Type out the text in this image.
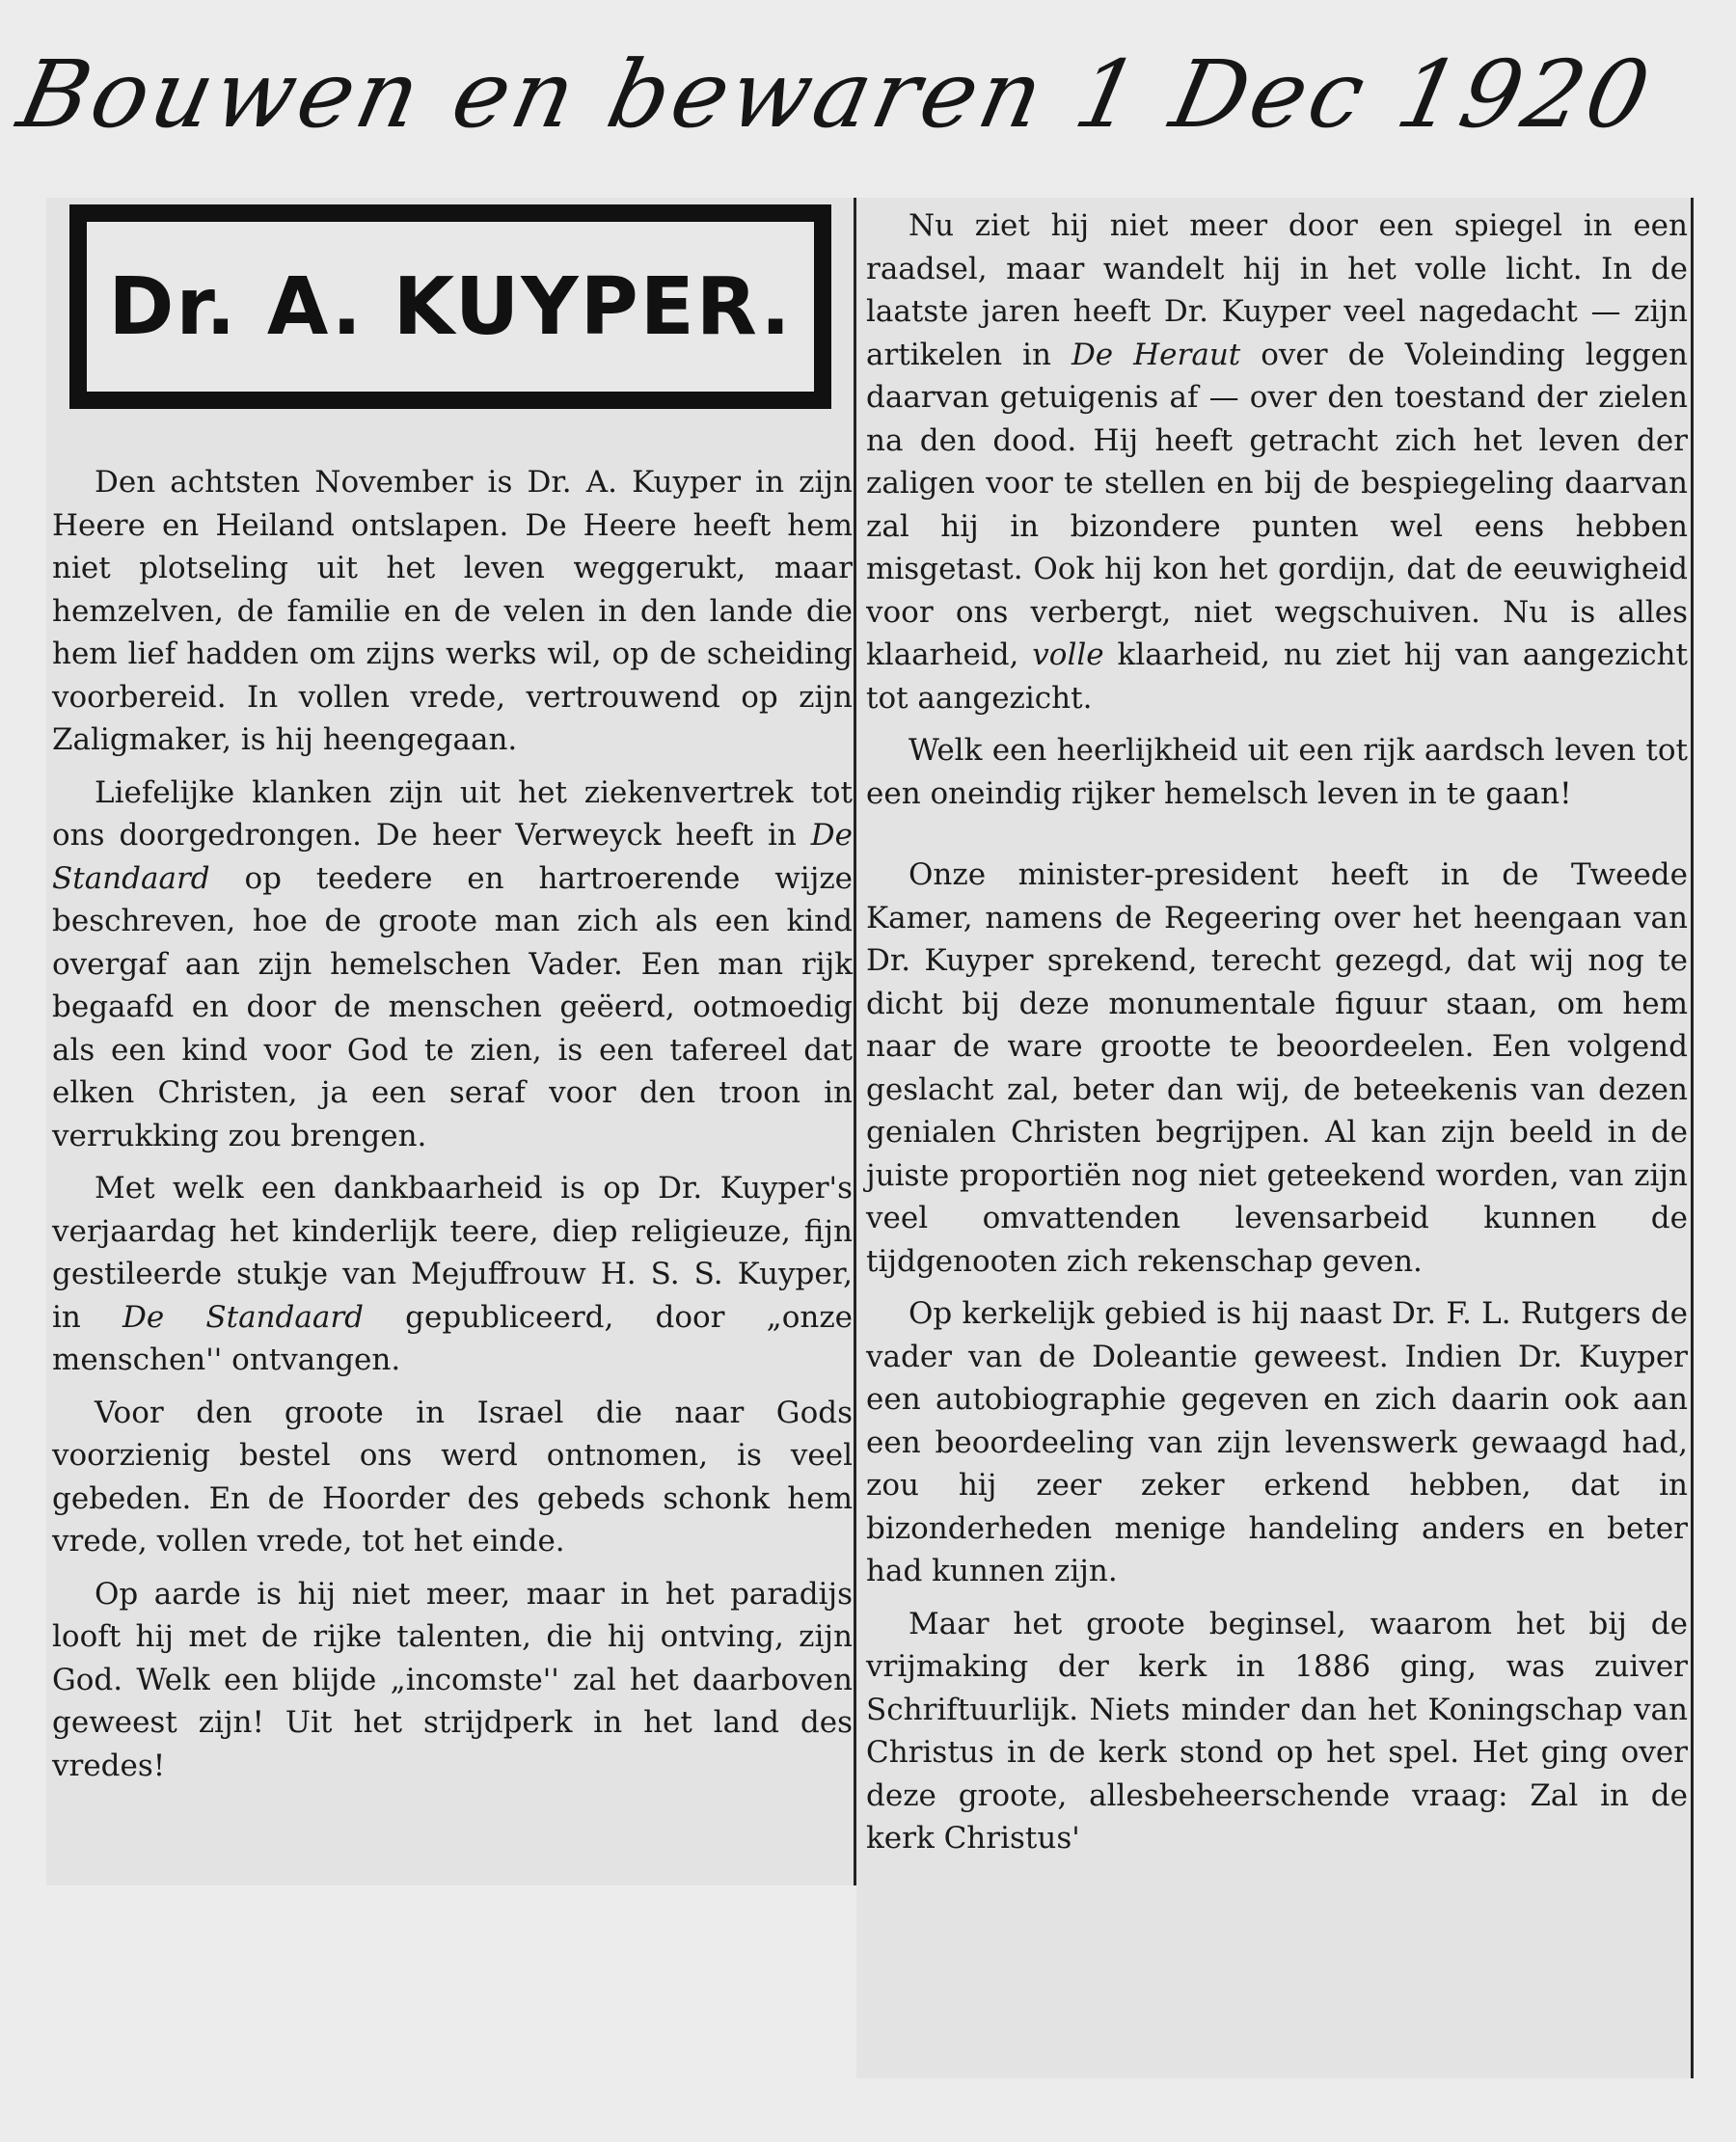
Bouwen en bewaren 1 Dec 1920
Dr. A. KUYPER.

Den achtsten November is Dr. A. Kuyper in zijn Heere en Heiland ontslapen. De Heere heeft hem niet plotseling uit het leven weggerukt, maar hemzelven, de familie en de velen in den lande die hem lief hadden om zijns werks wil, op de scheiding voorbereid. In vollen vrede, vertrouwend op zijn Zaligmaker, is hij heengegaan.

Liefelijke klanken zijn uit het ziekenvertrek tot ons doorgedrongen. De heer Verweyck heeft in De Standaard op teedere en hartroerende wijze beschreven, hoe de groote man zich als een kind overgaf aan zijn hemelschen Vader. Een man rijk begaafd en door de menschen geëerd, ootmoedig als een kind voor God te zien, is een tafereel dat elken Christen, ja een seraf voor den troon in verrukking zou brengen.

Met welk een dankbaarheid is op Dr. Kuyper's verjaardag het kinderlijk teere, diep religieuze, fijn gestileerde stukje van Mejuffrouw H. S. S. Kuyper, in De Standaard gepubliceerd, door „onze menschen'' ontvangen.

Voor den groote in Israel die naar Gods voorzienig bestel ons werd ontnomen, is veel gebeden. En de Hoorder des gebeds schonk hem vrede, vollen vrede, tot het einde.

Op aarde is hij niet meer, maar in het paradijs looft hij met de rijke talenten, die hij ontving, zijn God. Welk een blijde „incomste'' zal het daarboven geweest zijn! Uit het strijdperk in het land des vredes!

Nu ziet hij niet meer door een spiegel in een raadsel, maar wandelt hij in het volle licht. In de laatste jaren heeft Dr. Kuyper veel nagedacht — zijn artikelen in De Heraut over de Voleinding leggen daarvan getuigenis af — over den toestand der zielen na den dood. Hij heeft getracht zich het leven der zaligen voor te stellen en bij de bespiegeling daarvan zal hij in bizondere punten wel eens hebben misgetast. Ook hij kon het gordijn, dat de eeuwigheid voor ons verbergt, niet wegschuiven. Nu is alles klaarheid, volle klaarheid, nu ziet hij van aangezicht tot aangezicht.

Welk een heerlijkheid uit een rijk aardsch leven tot een oneindig rijker hemelsch leven in te gaan!

Onze minister-president heeft in de Tweede Kamer, namens de Regeering over het heengaan van Dr. Kuyper sprekend, terecht gezegd, dat wij nog te dicht bij deze monumentale figuur staan, om hem naar de ware grootte te beoordeelen. Een volgend geslacht zal, beter dan wij, de beteekenis van dezen genialen Christen begrijpen. Al kan zijn beeld in de juiste proportiën nog niet geteekend worden, van zijn veel omvattenden levensarbeid kunnen de tijdgenooten zich rekenschap geven.

Op kerkelijk gebied is hij naast Dr. F. L. Rutgers de vader van de Doleantie geweest. Indien Dr. Kuyper een autobiographie gegeven en zich daarin ook aan een beoordeeling van zijn levenswerk gewaagd had, zou hij zeer zeker erkend hebben, dat in bizonderheden menige handeling anders en beter had kunnen zijn.

Maar het groote beginsel, waarom het bij de vrijmaking der kerk in 1886 ging, was zuiver Schriftuurlijk. Niets minder dan het Koningschap van Christus in de kerk stond op het spel. Het ging over deze groote, allesbeheerschende vraag: Zal in de kerk Christus'
